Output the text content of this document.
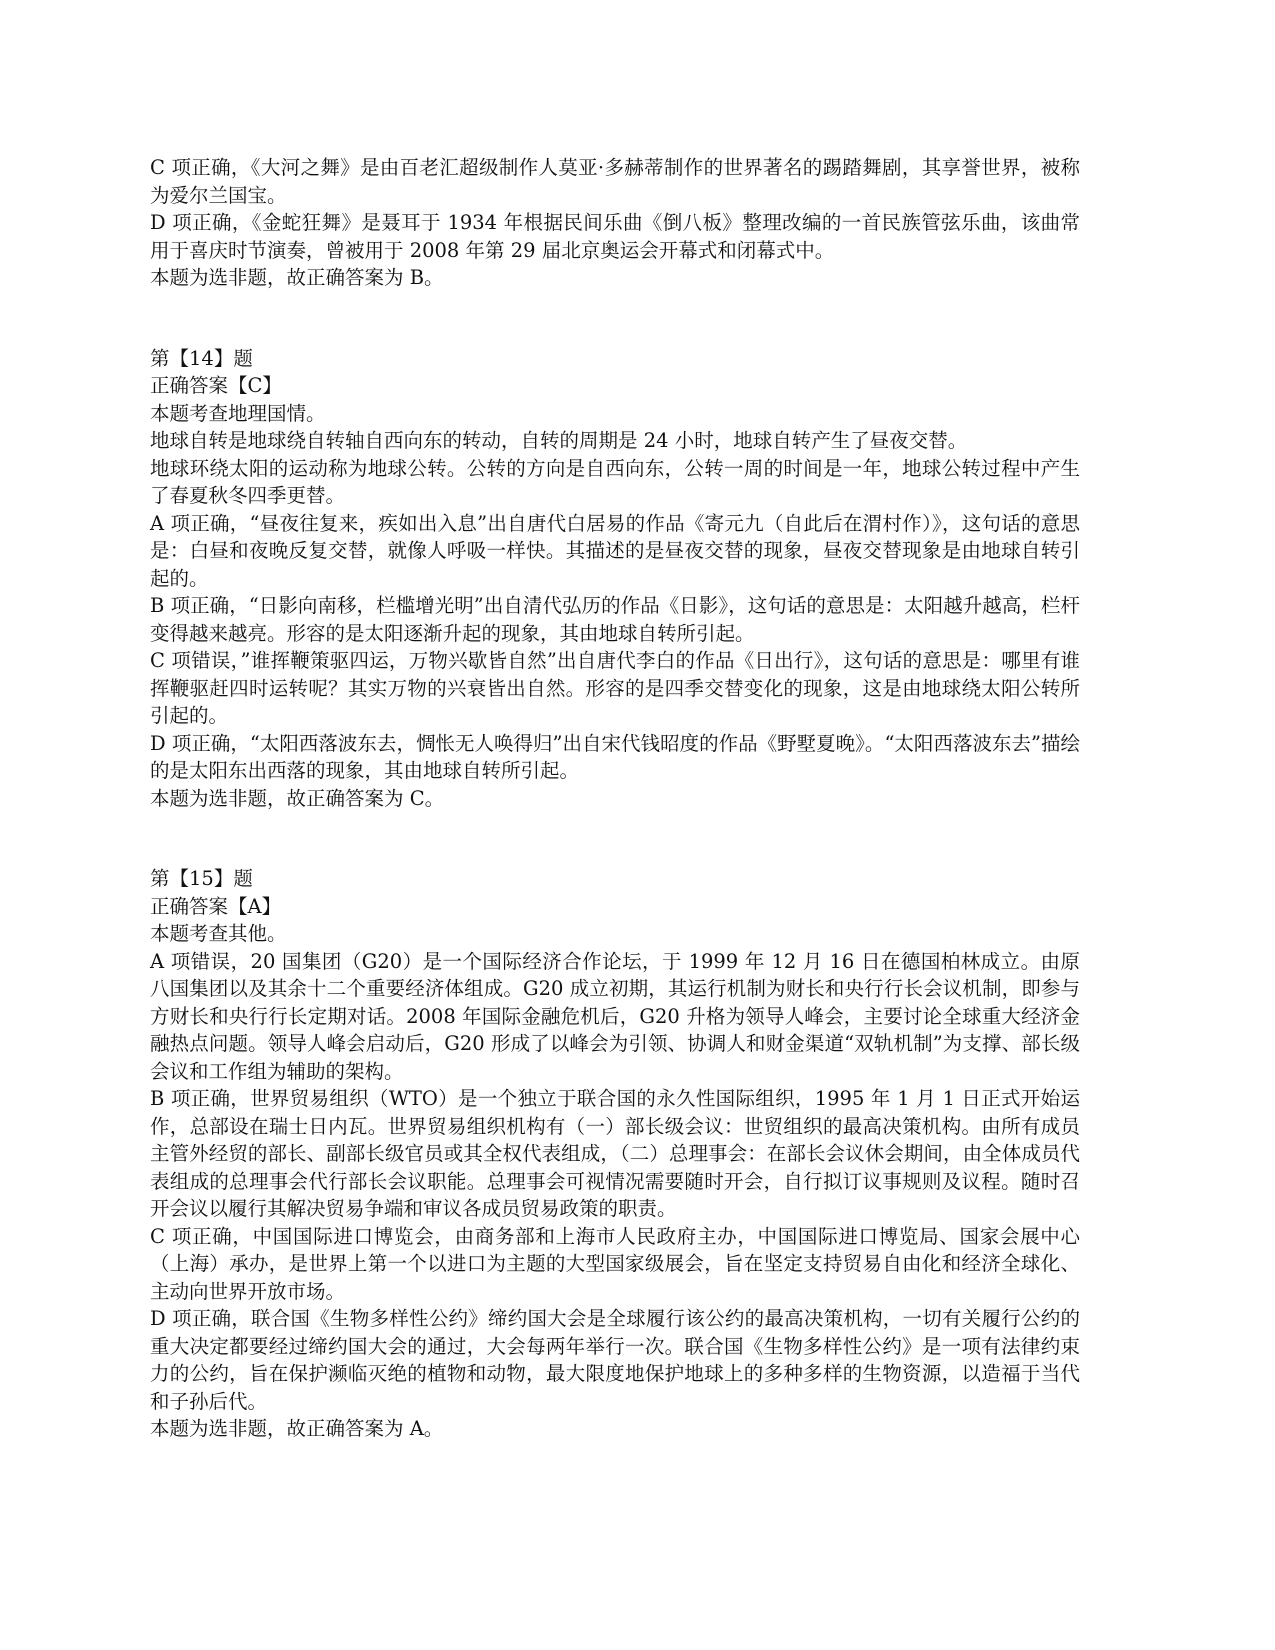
C 项正确，《大河之舞》是由百老汇超级制作人莫亚·多赫蒂制作的世界著名的踢踏舞剧，其享誉世界，被称为爱尔兰国宝。

D 项正确，《金蛇狂舞》是聂耳于 1934 年根据民间乐曲《倒八板》整理改编的一首民族管弦乐曲，该曲常用于喜庆时节演奏，曾被用于 2008 年第 29 届北京奥运会开幕式和闭幕式中。

本题为选非题，故正确答案为 B。

第【14】题

正确答案【C】

本题考查地理国情。

地球自转是地球绕自转轴自西向东的转动，自转的周期是 24 小时，地球自转产生了昼夜交替。

地球环绕太阳的运动称为地球公转。公转的方向是自西向东，公转一周的时间是一年，地球公转过程中产生了春夏秋冬四季更替。

A 项正确，“昼夜往复来，疾如出入息”出自唐代白居易的作品《寄元九（自此后在渭村作）》，这句话的意思是：白昼和夜晚反复交替，就像人呼吸一样快。其描述的是昼夜交替的现象，昼夜交替现象是由地球自转引起的。

B 项正确，“日影向南移，栏槛增光明”出自清代弘历的作品《日影》，这句话的意思是：太阳越升越高，栏杆变得越来越亮。形容的是太阳逐渐升起的现象，其由地球自转所引起。

C 项错误，”谁挥鞭策驱四运，万物兴歇皆自然”出自唐代李白的作品《日出行》，这句话的意思是：哪里有谁挥鞭驱赶四时运转呢？其实万物的兴衰皆出自然。形容的是四季交替变化的现象，这是由地球绕太阳公转所引起的。

D 项正确，“太阳西落波东去，惆怅无人唤得归”出自宋代钱昭度的作品《野墅夏晚》。“太阳西落波东去”描绘的是太阳东出西落的现象，其由地球自转所引起。

本题为选非题，故正确答案为 C。

第【15】题

正确答案【A】

本题考查其他。

A 项错误，20 国集团（G20）是一个国际经济合作论坛，于 1999 年 12 月 16 日在德国柏林成立。由原八国集团以及其余十二个重要经济体组成。G20 成立初期，其运行机制为财长和央行行长会议机制，即参与方财长和央行行长定期对话。2008 年国际金融危机后，G20 升格为领导人峰会，主要讨论全球重大经济金融热点问题。领导人峰会启动后，G20 形成了以峰会为引领、协调人和财金渠道“双轨机制”为支撑、部长级会议和工作组为辅助的架构。

B 项正确，世界贸易组织（WTO）是一个独立于联合国的永久性国际组织，1995 年 1 月 1 日正式开始运作，总部设在瑞士日内瓦。世界贸易组织机构有（一）部长级会议：世贸组织的最高决策机构。由所有成员主管外经贸的部长、副部长级官员或其全权代表组成，（二）总理事会：在部长会议休会期间，由全体成员代表组成的总理事会代行部长会议职能。总理事会可视情况需要随时开会，自行拟订议事规则及议程。随时召开会议以履行其解决贸易争端和审议各成员贸易政策的职责。

C 项正确，中国国际进口博览会，由商务部和上海市人民政府主办，中国国际进口博览局、国家会展中心（上海）承办，是世界上第一个以进口为主题的大型国家级展会，旨在坚定支持贸易自由化和经济全球化、主动向世界开放市场。

D 项正确，联合国《生物多样性公约》缔约国大会是全球履行该公约的最高决策机构，一切有关履行公约的重大决定都要经过缔约国大会的通过，大会每两年举行一次。联合国《生物多样性公约》是一项有法律约束力的公约，旨在保护濒临灭绝的植物和动物，最大限度地保护地球上的多种多样的生物资源，以造福于当代和子孙后代。

本题为选非题，故正确答案为 A。
